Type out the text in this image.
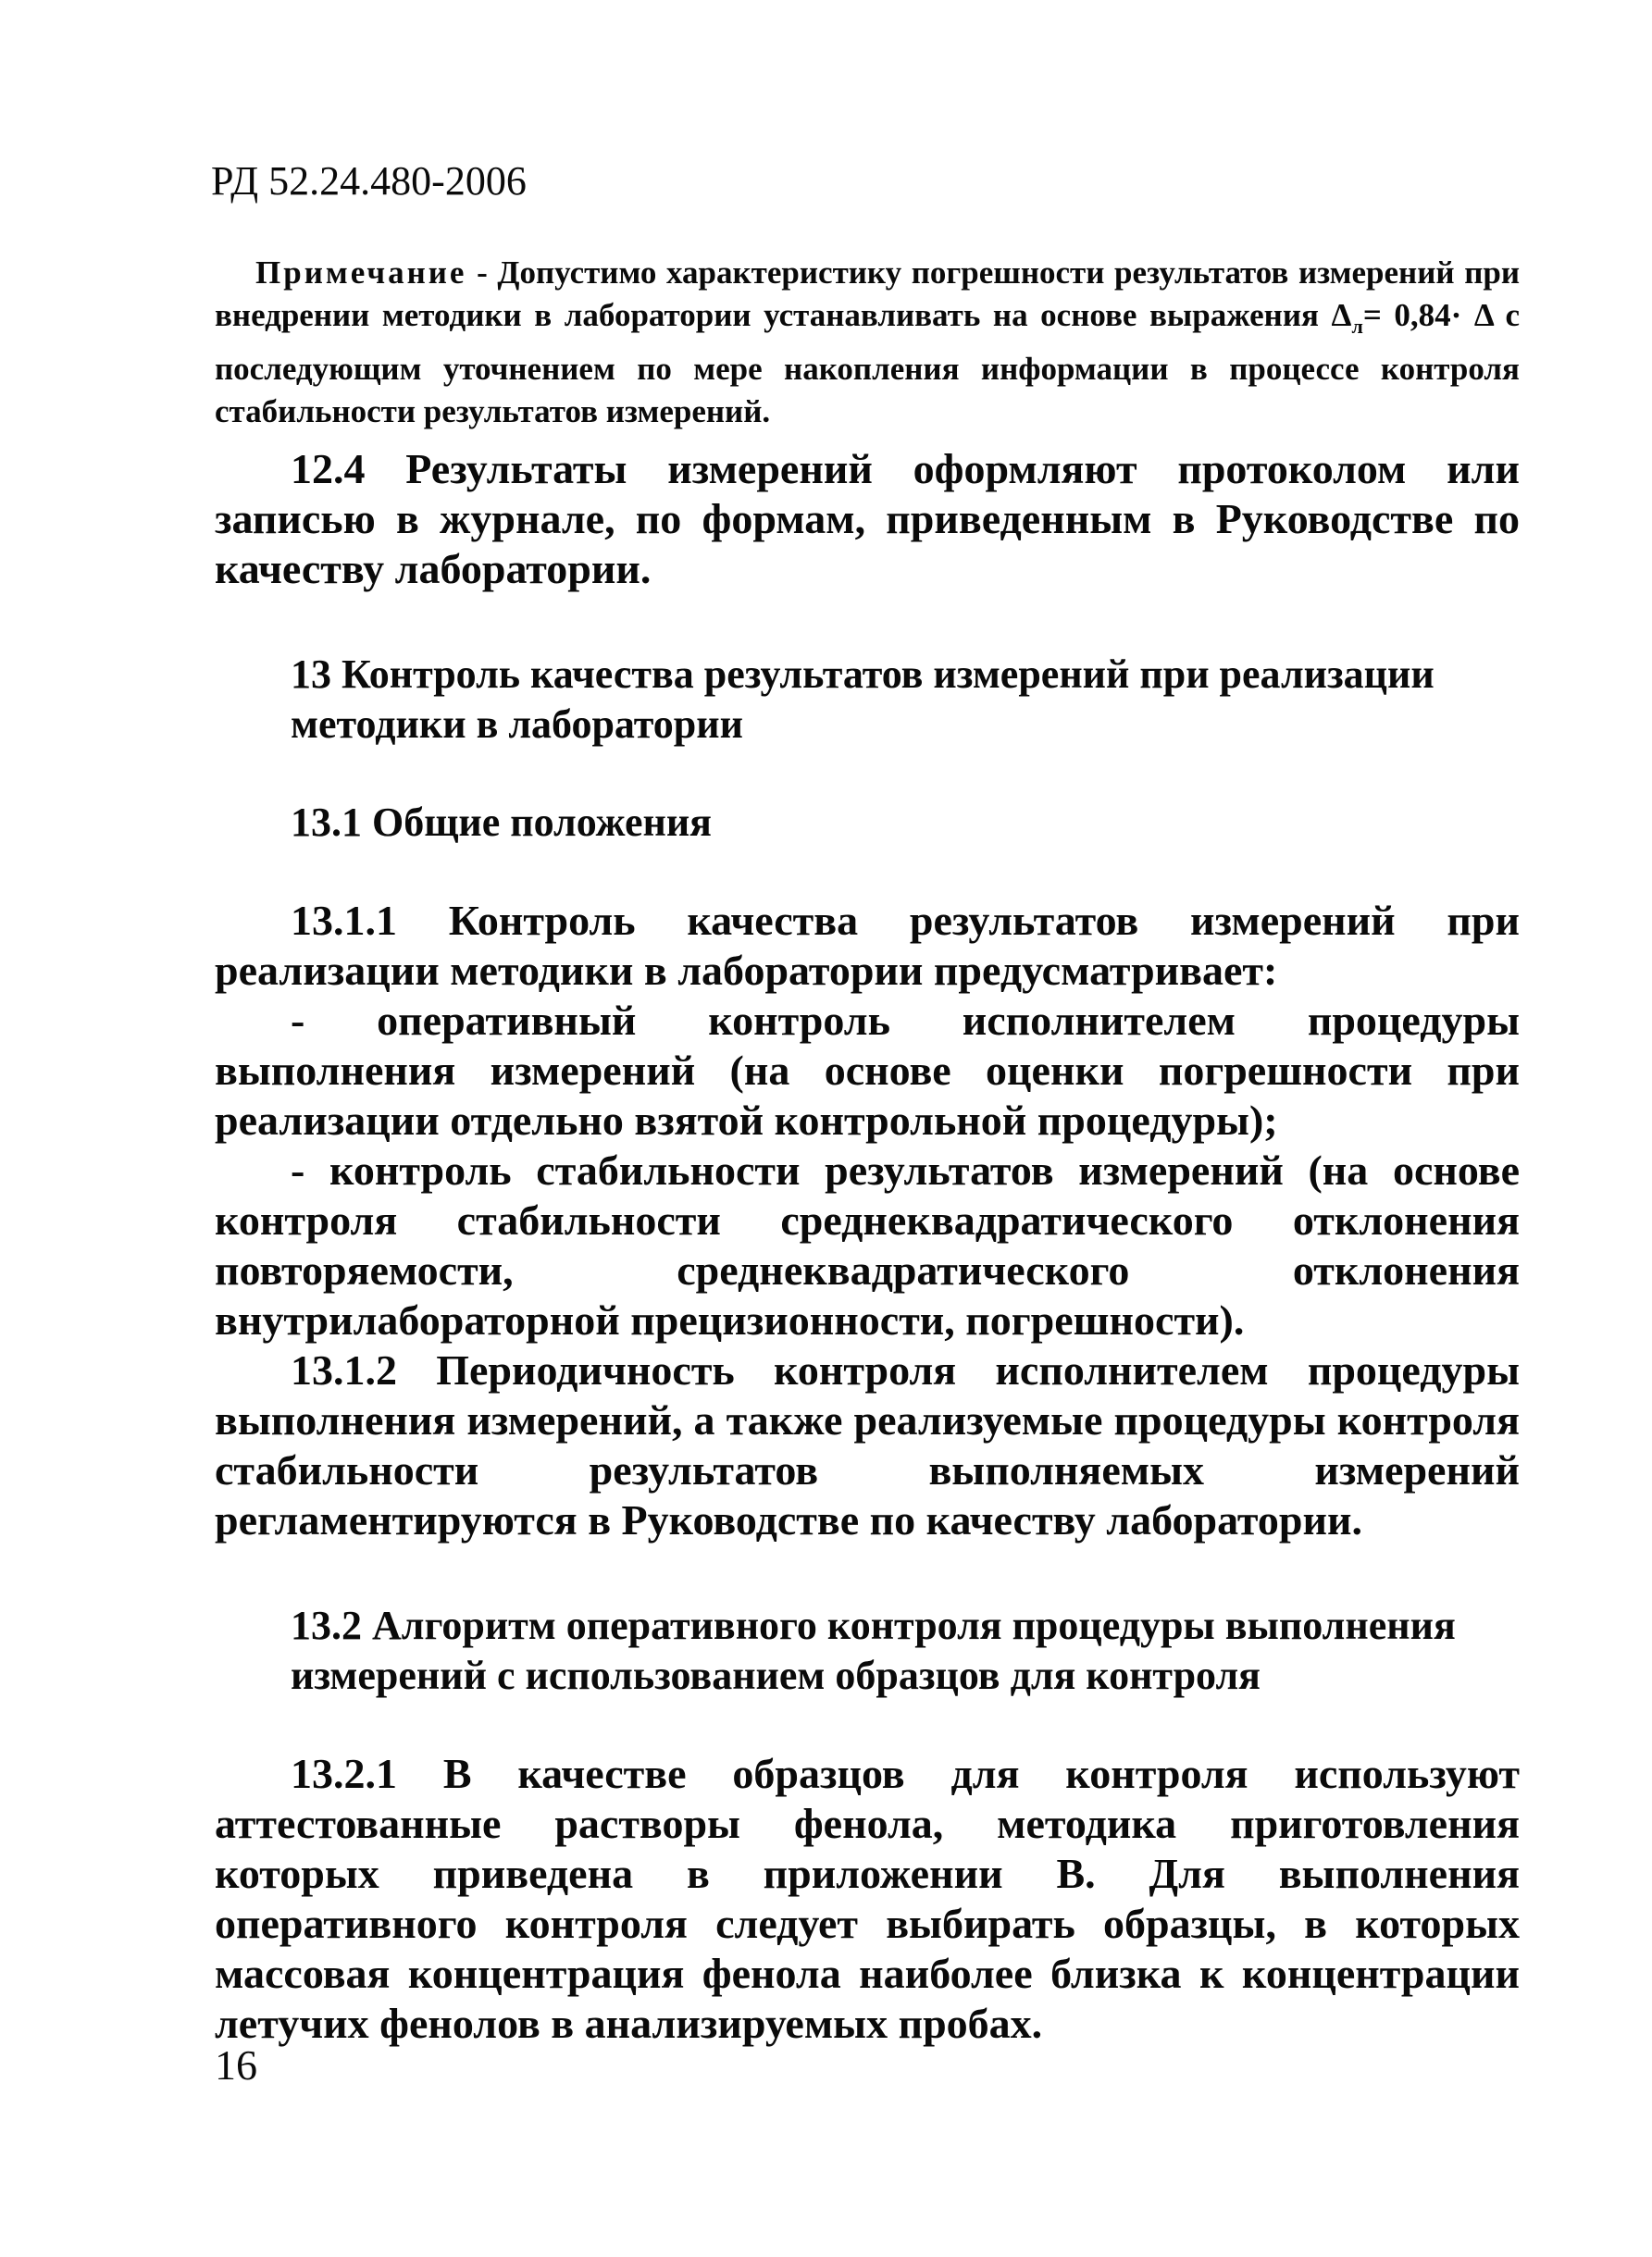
РД 52.24.480-2006

Примечание - Допустимо характеристику погрешности результатов измерений при внедрении методики в лаборатории устанавливать на основе выражения $\Delta_л= 0,84\cdot \Delta$ с последующим уточнением по мере накопления информации в процессе контроля стабильности результатов измерений.

12.4 Результаты измерений оформляют протоколом или записью в журнале, по формам, приведенным в Руководстве по качеству лаборатории.

13 Контроль качества результатов измерений при реализации методики в лаборатории
13.1 Общие положения

13.1.1 Контроль качества результатов измерений при реализации методики в лаборатории предусматривает:

- оперативный контроль исполнителем процедуры выполнения измерений (на основе оценки погрешности при реализации отдельно взятой контрольной процедуры);

- контроль стабильности результатов измерений (на основе контроля стабильности среднеквадратического отклонения повторяемости, среднеквадратического отклонения внутрилабораторной прецизионности, погрешности).

13.1.2 Периодичность контроля исполнителем процедуры выполнения измерений, а также реализуемые процедуры контроля стабильности результатов выполняемых измерений регламентируются в Руководстве по качеству лаборатории.

13.2 Алгоритм оперативного контроля процедуры выполнения измерений с использованием образцов для контроля

13.2.1 В качестве образцов для контроля используют аттестованные растворы фенола, методика приготовления которых приведена в приложении В. Для выполнения оперативного контроля следует выбирать образцы, в которых массовая концентрация фенола наиболее близка к концентрации летучих фенолов в анализируемых пробах.

16
